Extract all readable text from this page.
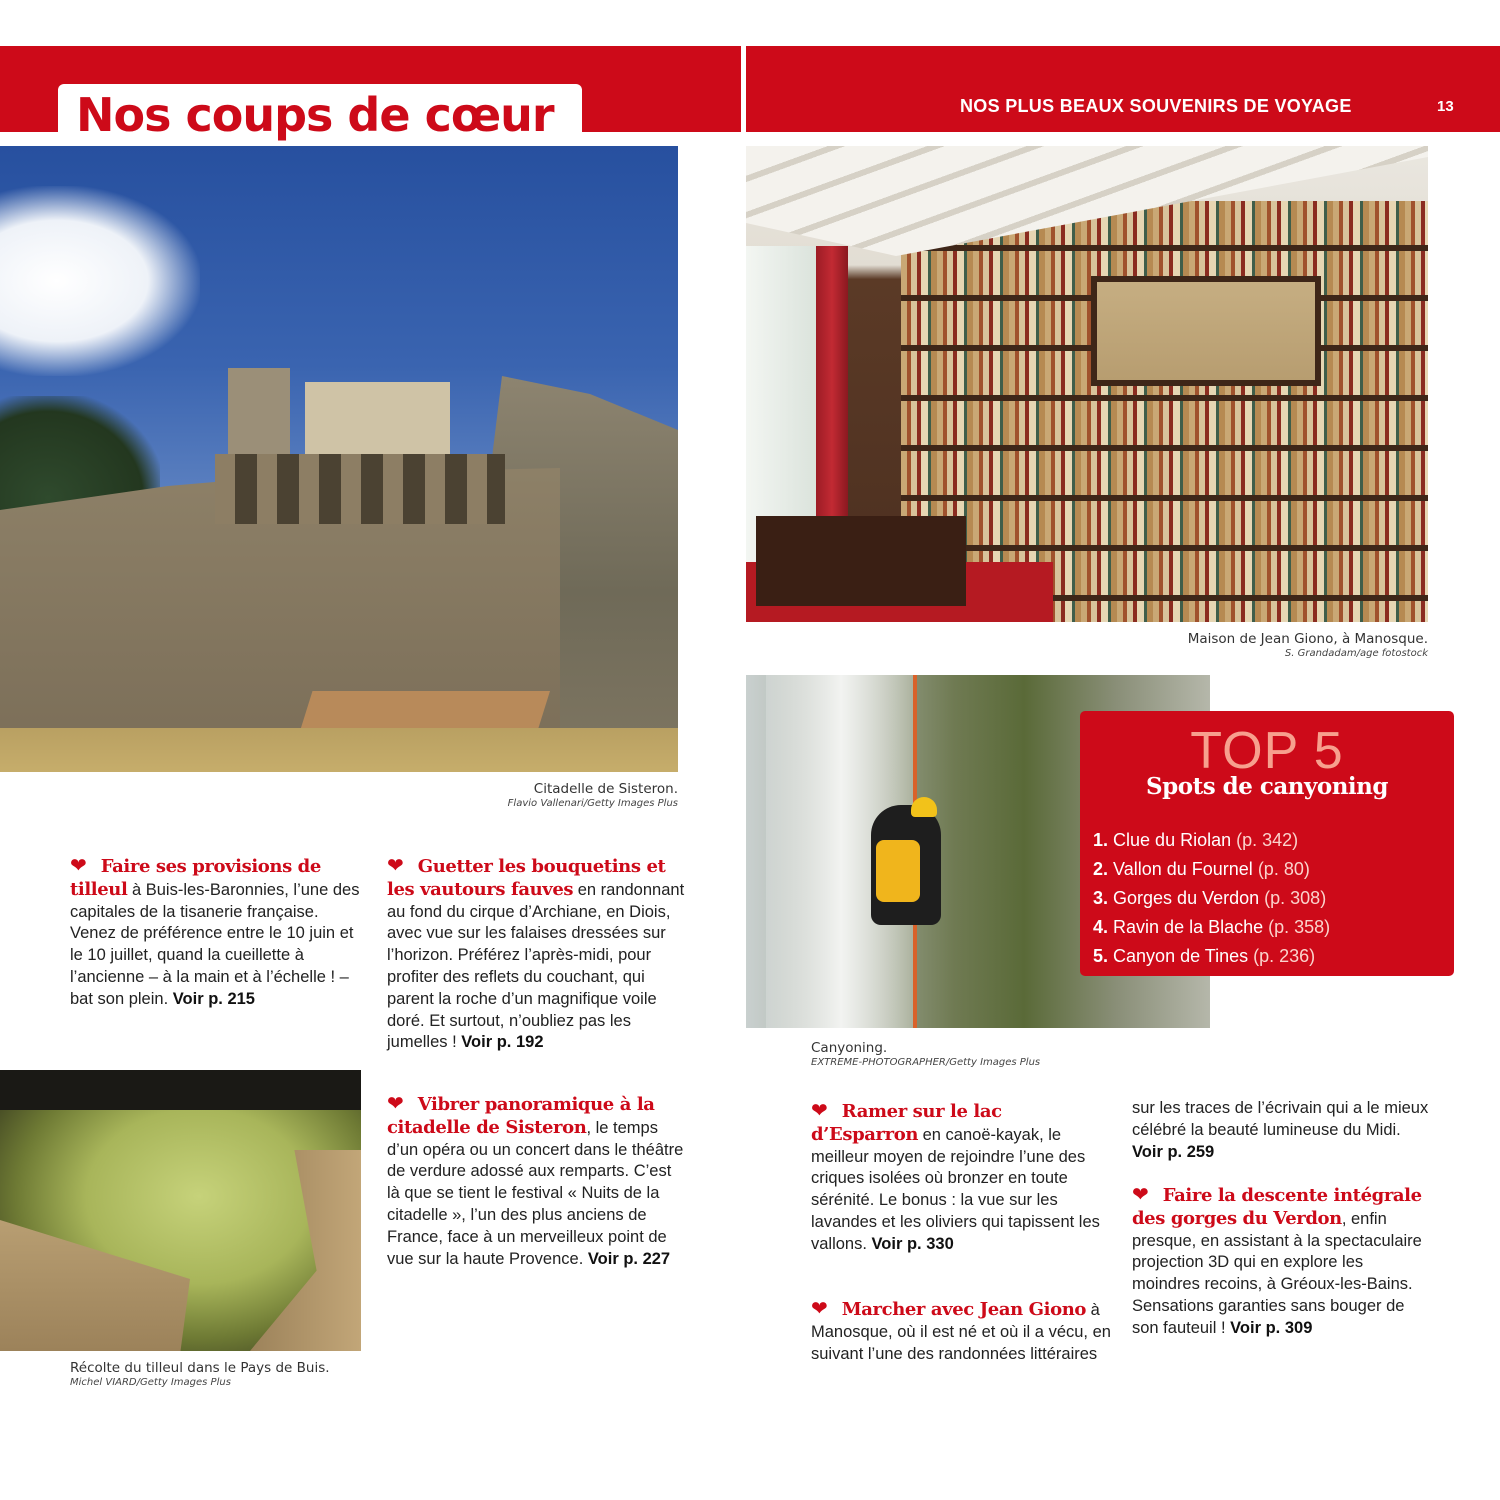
Nos coups de cœur	NOS PLUS BEAUX SOUVENIRS DE VOYAGE	13
Citadelle de Sisteron.
Flavio Vallenari/Getty Images Plus
Maison de Jean Giono, à Manosque.
S. Grandadam/age fotostock
Canyoning.
EXTREME-PHOTOGRAPHER/Getty Images Plus
TOP 5
Spots de canyoning
1. Clue du Riolan (p. 342)
2. Vallon du Fournel (p. 80)
3. Gorges du Verdon (p. 308)
4. Ravin de la Blache (p. 358)
5. Canyon de Tines (p. 236)
Récolte du tilleul dans le Pays de Buis.
Michel VIARD/Getty Images Plus

❤ Faire ses provisions de tilleul à Buis-les-Baronnies, l’une des capitales de la tisanerie française. Venez de préférence entre le 10 juin et le 10 juillet, quand la cueillette à l’ancienne – à la main et à l’échelle ! – bat son plein. Voir p. 215

❤ Guetter les bouquetins et les vautours fauves en randonnant au fond du cirque d’Archiane, en Diois, avec vue sur les falaises dressées sur l’horizon. Préférez l’après-midi, pour profiter des reflets du couchant, qui parent la roche d’un magnifique voile doré. Et surtout, n’oubliez pas les jumelles ! Voir p. 192

❤ Vibrer panoramique à la citadelle de Sisteron, le temps d’un opéra ou un concert dans le théâtre de verdure adossé aux remparts. C’est là que se tient le festival « Nuits de la citadelle », l’un des plus anciens de France, face à un merveilleux point de vue sur la haute Provence. Voir p. 227

❤ Ramer sur le lac d’Esparron en canoë-kayak, le meilleur moyen de rejoindre l’une des criques isolées où bronzer en toute sérénité. Le bonus : la vue sur les lavandes et les oliviers qui tapissent les vallons. Voir p. 330

❤ Marcher avec Jean Giono à Manosque, où il est né et où il a vécu, en suivant l’une des randonnées littéraires

sur les traces de l’écrivain qui a le mieux célébré la beauté lumineuse du Midi. Voir p. 259

❤ Faire la descente intégrale des gorges du Verdon, enfin presque, en assistant à la spectaculaire projection 3D qui en explore les moindres recoins, à Gréoux-les-Bains. Sensations garanties sans bouger de son fauteuil ! Voir p. 309
